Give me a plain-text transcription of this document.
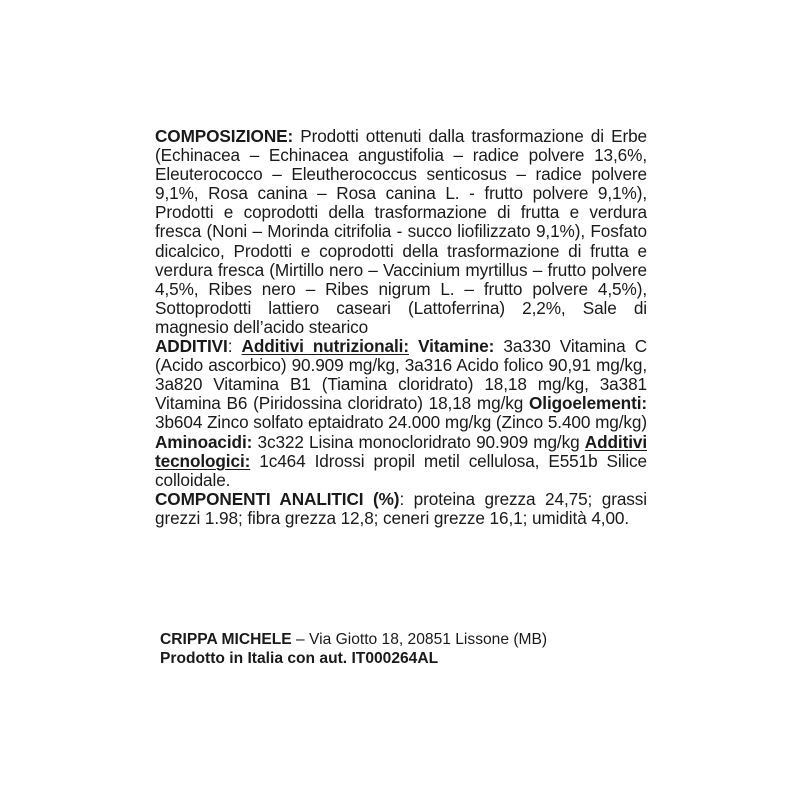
COMPOSIZIONE: Prodotti ottenuti dalla trasformazione di Erbe (Echinacea – Echinacea angustifolia – radice polvere 13,6%, Eleuterococco – Eleutherococcus senticosus – radice polvere 9,1%, Rosa canina – Rosa canina L. - frutto polvere 9,1%), Prodotti e coprodotti della trasformazione di frutta e verdura fresca (Noni – Morinda citrifolia - succo liofilizzato 9,1%), Fosfato dicalcico, Prodotti e coprodotti della trasformazione di frutta e verdura fresca (Mirtillo nero – Vaccinium myrtillus – frutto polvere 4,5%, Ribes nero – Ribes nigrum L. – frutto polvere 4,5%), Sottoprodotti lattiero caseari (Lattoferrina) 2,2%, Sale di magnesio dell’acido stearico
ADDITIVI: Additivi nutrizionali: Vitamine: 3a330 Vitamina C (Acido ascorbico) 90.909 mg/kg, 3a316 Acido folico 90,91 mg/kg, 3a820 Vitamina B1 (Tiamina cloridrato) 18,18 mg/kg, 3a381 Vitamina B6 (Piridossina cloridrato) 18,18 mg/kg Oligoelementi: 3b604 Zinco solfato eptaidrato 24.000 mg/kg (Zinco 5.400 mg/kg) Aminoacidi: 3c322 Lisina monocloridrato 90.909 mg/kg Additivi tecnologici: 1c464 Idrossi propil metil cellulosa, E551b Silice colloidale.
COMPONENTI ANALITICI (%): proteina grezza 24,75; grassi grezzi 1.98; fibra grezza 12,8; ceneri grezze 16,1; umidità 4,00.
CRIPPA MICHELE – Via Giotto 18, 20851 Lissone (MB)
Prodotto in Italia con aut. IT000264AL
